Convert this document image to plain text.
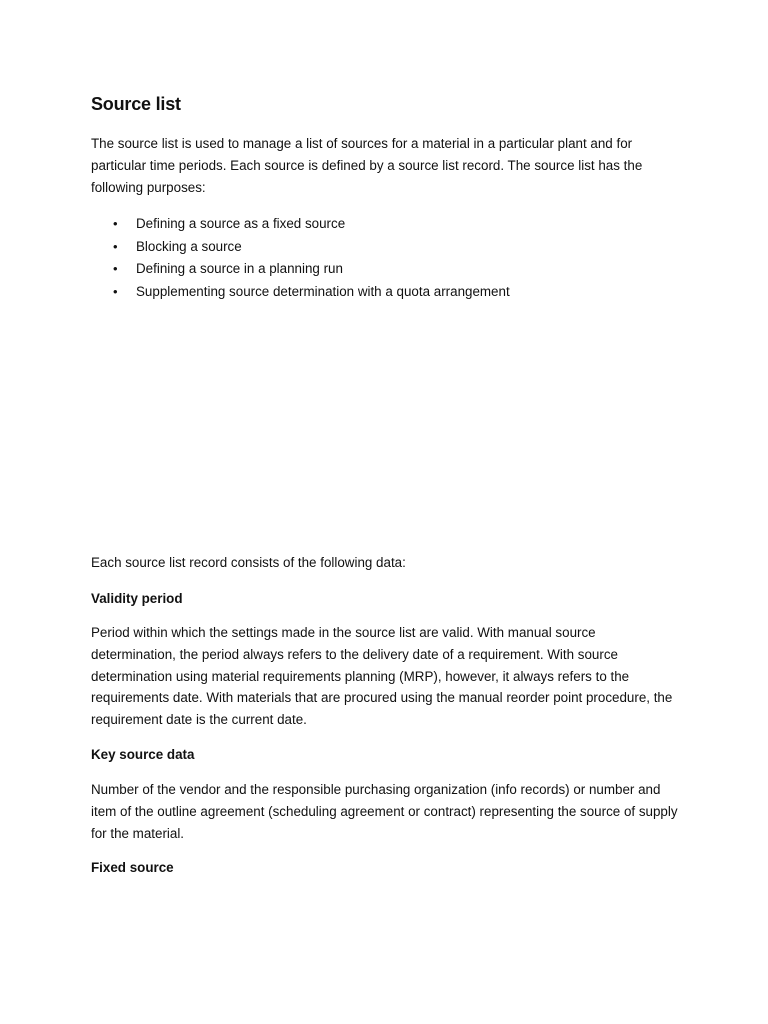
Source list

The source list is used to manage a list of sources for a material in a particular plant and for particular time periods. Each source is defined by a source list record. The source list has the following purposes:

• Defining a source as a fixed source
• Blocking a source
• Defining a source in a planning run
• Supplementing source determination with a quota arrangement

Each source list record consists of the following data:

Validity period

Period within which the settings made in the source list are valid. With manual source determination, the period always refers to the delivery date of a requirement. With source determination using material requirements planning (MRP), however, it always refers to the requirements date. With materials that are procured using the manual reorder point procedure, the requirement date is the current date.

Key source data

Number of the vendor and the responsible purchasing organization (info records) or number and item of the outline agreement (scheduling agreement or contract) representing the source of supply for the material.

Fixed source
